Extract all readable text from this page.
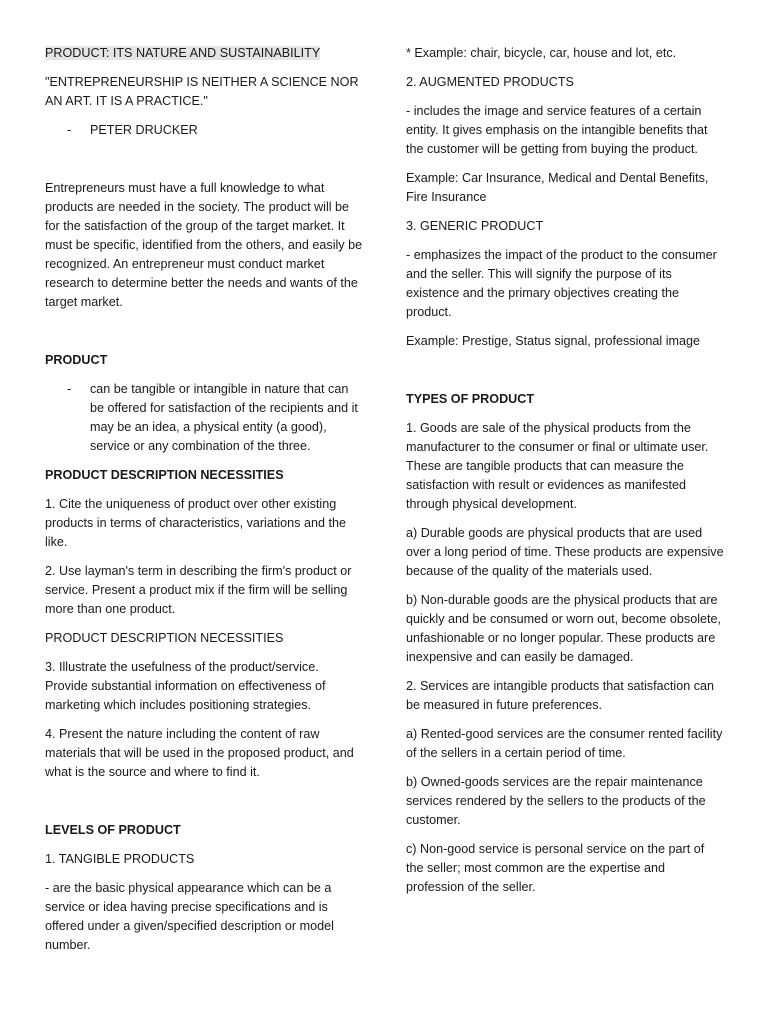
PRODUCT: ITS NATURE AND SUSTAINABILITY

"ENTREPRENEURSHIP IS NEITHER A SCIENCE NOR AN ART. IT IS A PRACTICE."

-	PETER DRUCKER

Entrepreneurs must have a full knowledge to what products are needed in the society. The product will be for the satisfaction of the group of the target market. It must be specific, identified from the others, and easily be recognized. An entrepreneur must conduct market research to determine better the needs and wants of the target market.

PRODUCT

-	can be tangible or intangible in nature that can be offered for satisfaction of the recipients and it may be an idea, a physical entity (a good), service or any combination of the three.

PRODUCT DESCRIPTION NECESSITIES

1. Cite the uniqueness of product over other existing products in terms of characteristics, variations and the like.

2. Use layman's term in describing the firm's product or service. Present a product mix if the firm will be selling more than one product.

PRODUCT DESCRIPTION NECESSITIES

3. Illustrate the usefulness of the product/service. Provide substantial information on effectiveness of marketing which includes positioning strategies.

4. Present the nature including the content of raw materials that will be used in the proposed product, and what is the source and where to find it.

LEVELS OF PRODUCT

1. TANGIBLE PRODUCTS

- are the basic physical appearance which can be a service or idea having precise specifications and is offered under a given/specified description or model number.

* Example: chair, bicycle, car, house and lot, etc.

2. AUGMENTED PRODUCTS

- includes the image and service features of a certain entity. It gives emphasis on the intangible benefits that the customer will be getting from buying the product.

Example: Car Insurance, Medical and Dental Benefits, Fire Insurance

3. GENERIC PRODUCT

- emphasizes the impact of the product to the consumer and the seller. This will signify the purpose of its existence and the primary objectives creating the product.

Example: Prestige, Status signal, professional image

TYPES OF PRODUCT

1. Goods are sale of the physical products from the manufacturer to the consumer or final or ultimate user. These are tangible products that can measure the satisfaction with result or evidences as manifested through physical development.

a) Durable goods are physical products that are used over a long period of time. These products are expensive because of the quality of the materials used.

b) Non-durable goods are the physical products that are quickly and be consumed or worn out, become obsolete, unfashionable or no longer popular. These products are inexpensive and can easily be damaged.

2. Services are intangible products that satisfaction can be measured in future preferences.

a) Rented-good services are the consumer rented facility of the sellers in a certain period of time.

b) Owned-goods services are the repair maintenance services rendered by the sellers to the products of the customer.

c) Non-good service is personal service on the part of the seller; most common are the expertise and profession of the seller.
